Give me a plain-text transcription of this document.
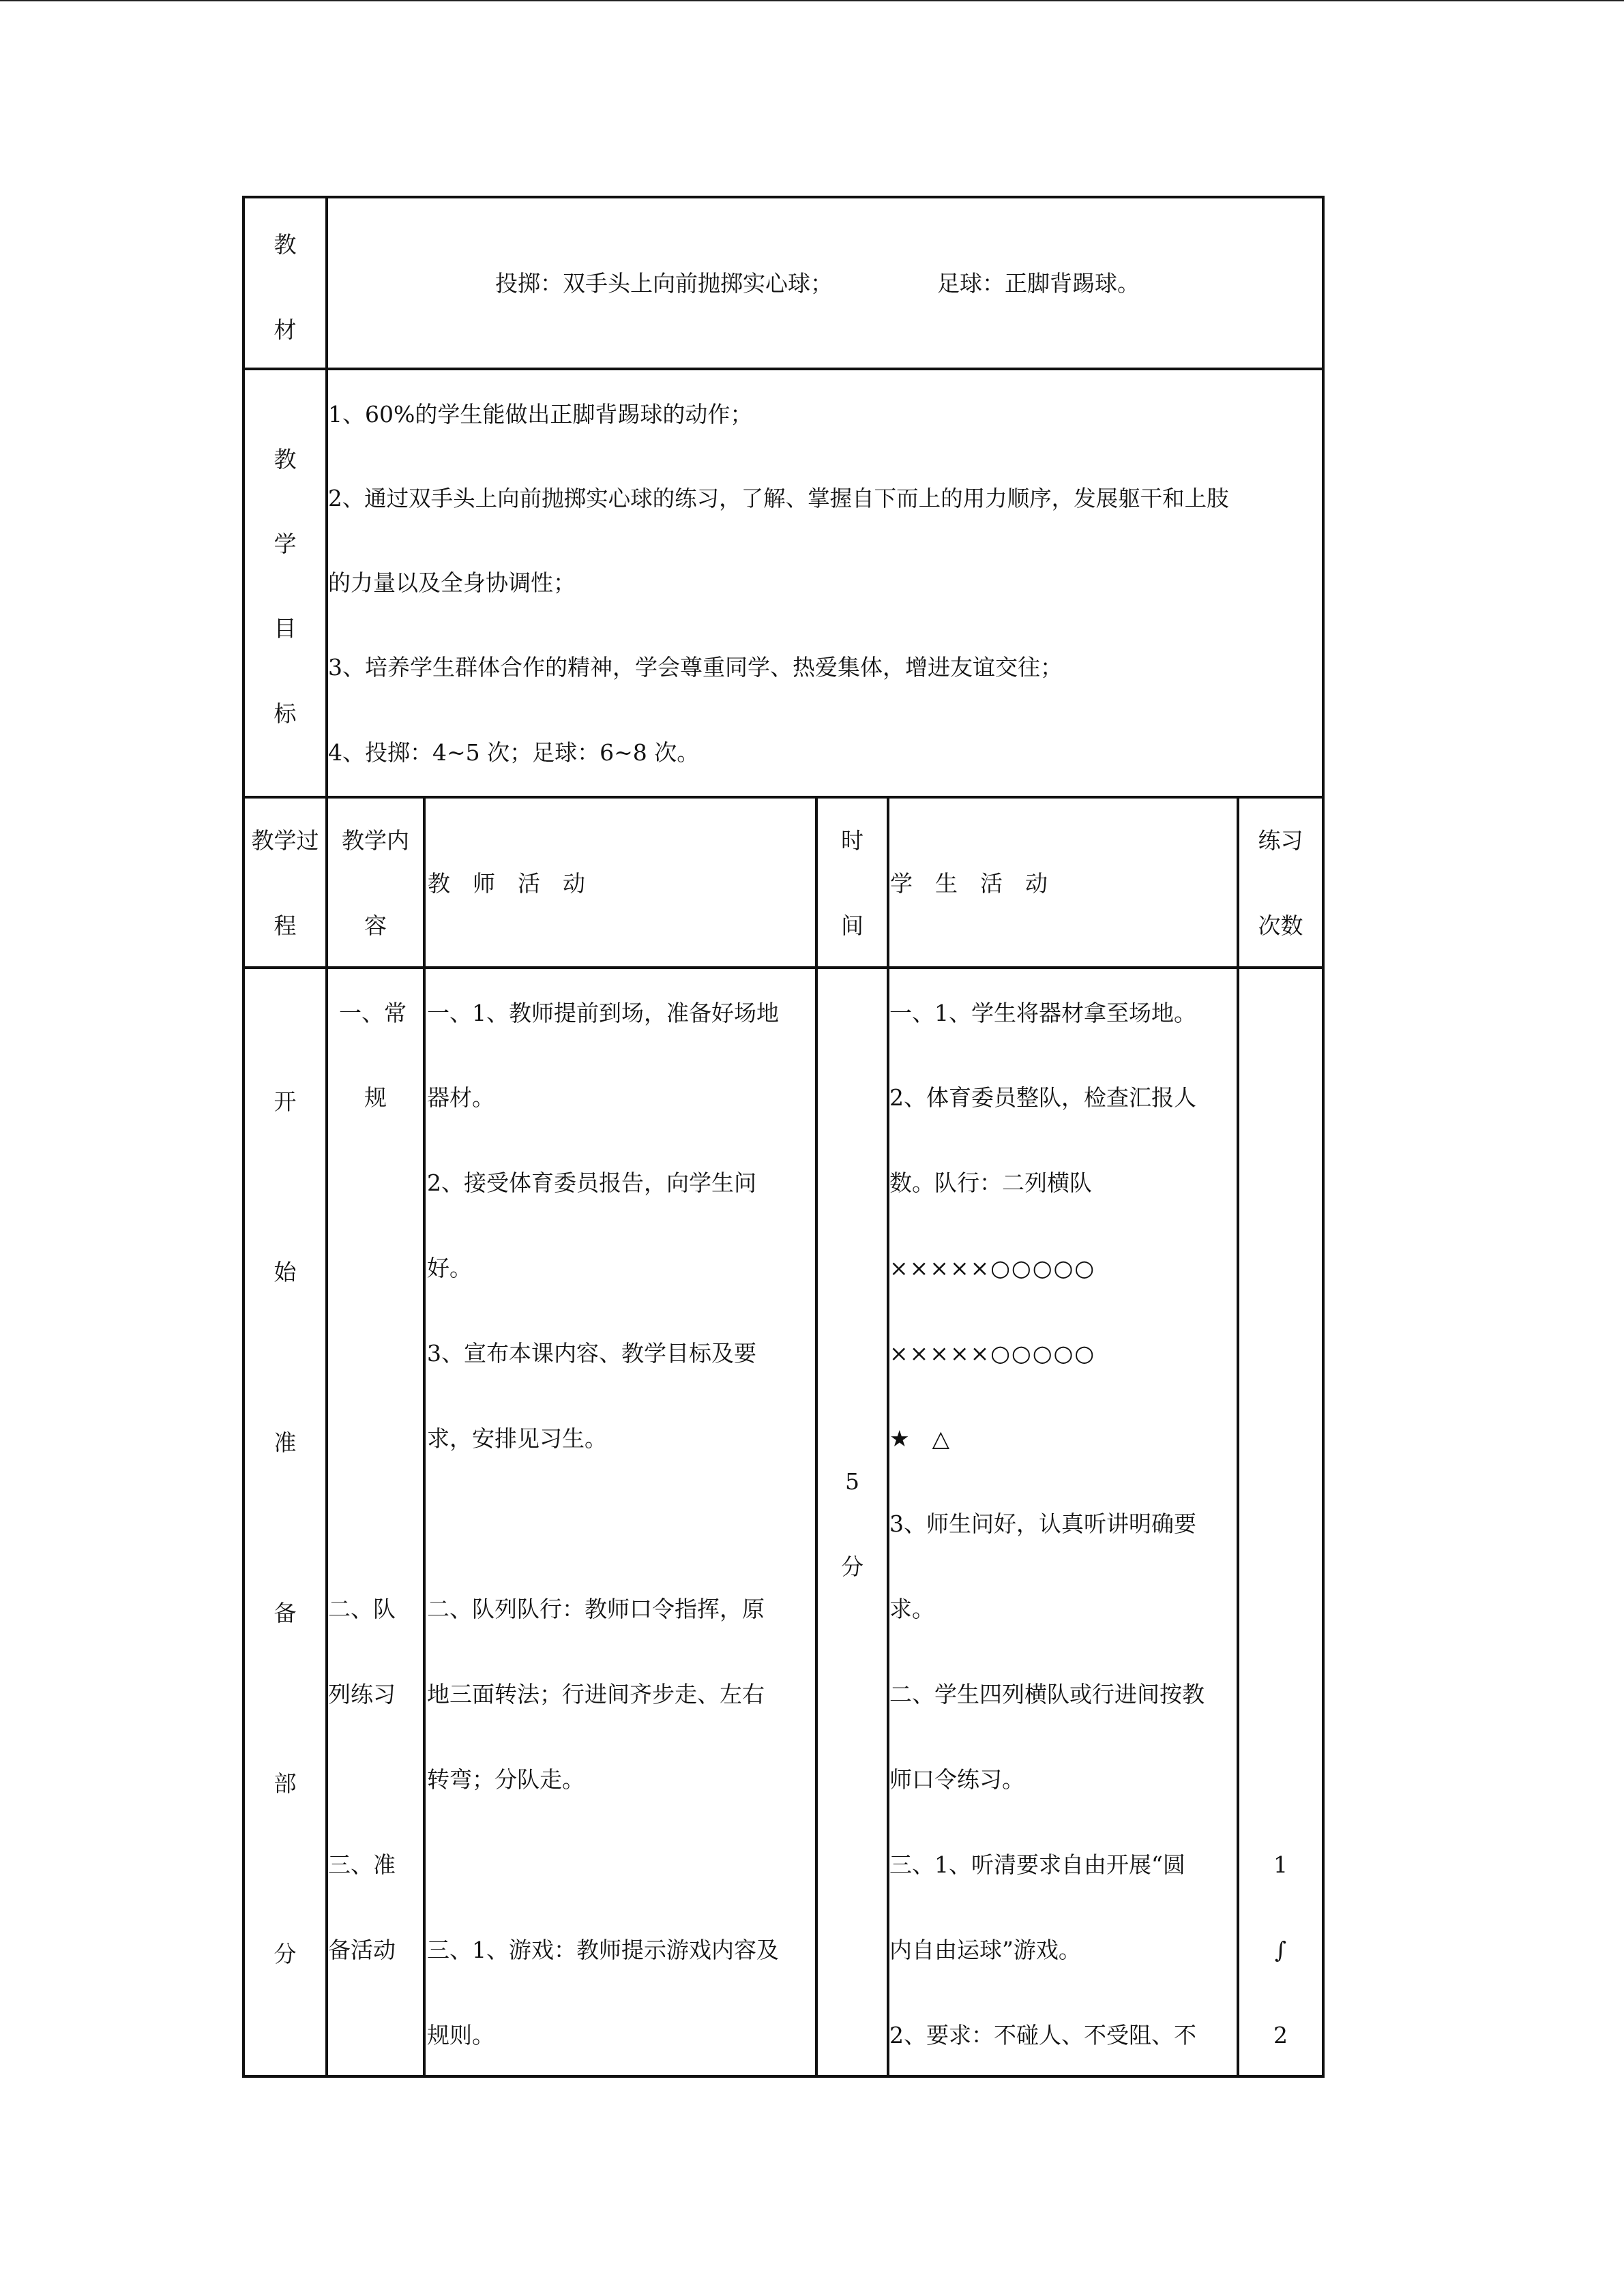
教
材
投掷：双手头上向前抛掷实心球；	足球：正脚背踢球。
教
学
目
标
1、60%的学生能做出正脚背踢球的动作；
2、通过双手头上向前抛掷实心球的练习，了解、掌握自下而上的用力顺序，发展躯干和上肢
的力量以及全身协调性；
3、培养学生群体合作的精神，学会尊重同学、热爱集体，增进友谊交往；
4、投掷：4~5 次；足球：6~8 次。
教学过
程
教学内
容
教　师　活　动
时
间
学　生　活　动
练习
次数
开
始
准
备
部
分
一、常
规
二、队
列练习
三、准
备活动
一、1、教师提前到场，准备好场地
器材。
2、接受体育委员报告，向学生问
好。
3、宣布本课内容、教学目标及要
求，安排见习生。
二、队列队行：教师口令指挥，原
地三面转法；行进间齐步走、左右
转弯；分队走。
三、1、游戏：教师提示游戏内容及
规则。
5
分
一、1、学生将器材拿至场地。
2、体育委员整队，检查汇报人
数。队行：二列横队
×××××○○○○○
×××××○○○○○
★　△
3、师生问好，认真听讲明确要
求。
二、学生四列横队或行进间按教
师口令练习。
三、1、听清要求自由开展“圆
内自由运球”游戏。
2、要求：不碰人、不受阻、不
1
∫
2
